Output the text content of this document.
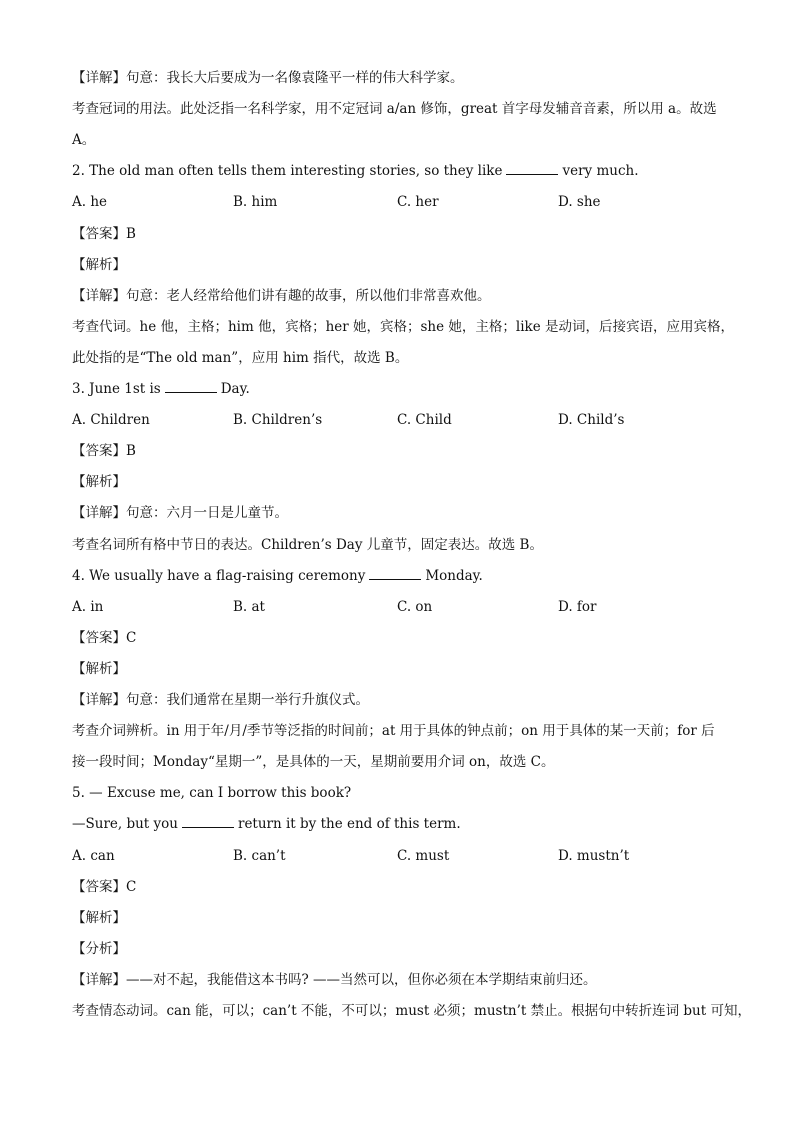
【详解】句意：我长大后要成为一名像袁隆平一样的伟大科学家。
考查冠词的用法。此处泛指一名科学家，用不定冠词 a/an 修饰，great 首字母发辅音音素，所以用 a。故选
A。
2. The old man often tells them interesting stories, so they like	very much.
A. he	B. him	C. her	D. she
【答案】B
【解析】
【详解】句意：老人经常给他们讲有趣的故事，所以他们非常喜欢他。
考查代词。he 他，主格；him 他，宾格；her 她，宾格；she 她，主格；like 是动词，后接宾语，应用宾格，
此处指的是“The old man”，应用 him 指代，故选 B。
3. June 1st is	Day.
A. Children	B. Children’s	C. Child	D. Child’s
【答案】B
【解析】
【详解】句意：六月一日是儿童节。
考查名词所有格中节日的表达。Children’s Day 儿童节，固定表达。故选 B。
4. We usually have a flag-raising ceremony	Monday.
A. in	B. at	C. on	D. for
【答案】C
【解析】
【详解】句意：我们通常在星期一举行升旗仪式。
考查介词辨析。in 用于年/月/季节等泛指的时间前；at 用于具体的钟点前；on 用于具体的某一天前；for 后
接一段时间；Monday“星期一”，是具体的一天，星期前要用介词 on，故选 C。
5. — Excuse me, can I borrow this book?
—Sure, but you	return it by the end of this term.
A. can	B. can’t	C. must	D. mustn’t
【答案】C
【解析】
【分析】
【详解】——对不起，我能借这本书吗? ——当然可以，但你必须在本学期结束前归还。
考查情态动词。can 能，可以；can’t 不能，不可以；must 必须；mustn’t 禁止。根据句中转折连词 but 可知，
